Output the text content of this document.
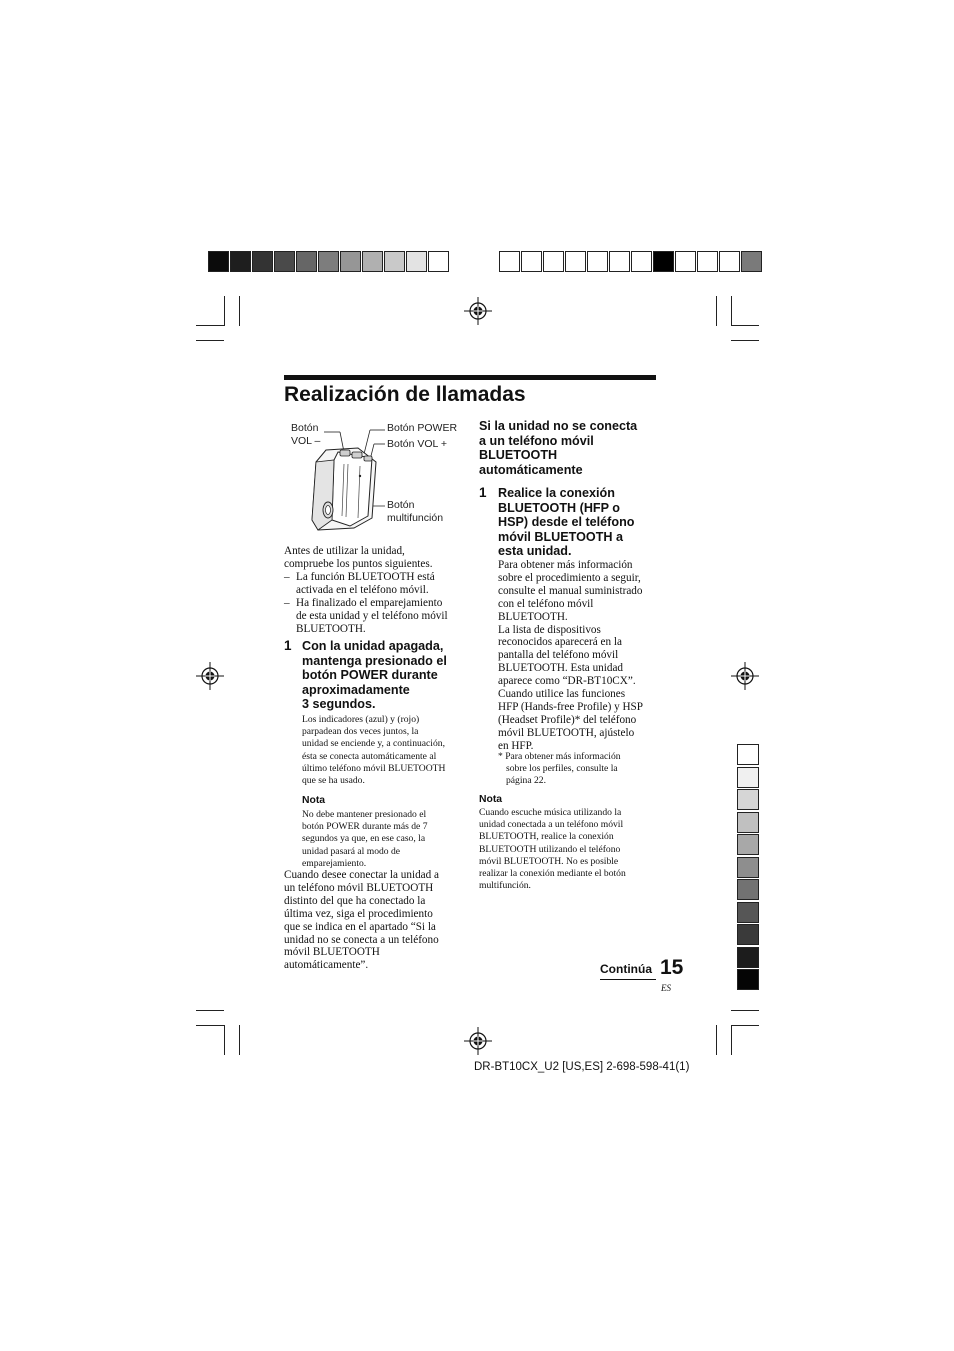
Realización de llamadas
Botón
VOL –
Botón POWER
Botón VOL +
Botón
multifunción
Antes de utilizar la unidad, compruebe los puntos siguientes.
– La función BLUETOOTH está
activada en el teléfono móvil.
– Ha finalizado el emparejamiento
de esta unidad y el teléfono móvil
BLUETOOTH.
1 Con la unidad apagada,
mantenga presionado el
botón POWER durante
aproximadamente
3 segundos.
Los indicadores (azul) y (rojo)
parpadean dos veces juntos, la
unidad se enciende y, a continuación,
ésta se conecta automáticamente al
último teléfono móvil BLUETOOTH
que se ha usado.
Nota
No debe mantener presionado el
botón POWER durante más de 7
segundos ya que, en ese caso, la
unidad pasará al modo de
emparejamiento.
Cuando desee conectar la unidad a
un teléfono móvil BLUETOOTH
distinto del que ha conectado la
última vez, siga el procedimiento
que se indica en el apartado “Si la
unidad no se conecta a un teléfono
móvil BLUETOOTH
automáticamente”.
Si la unidad no se conecta
a un teléfono móvil
BLUETOOTH
automáticamente
1 Realice la conexión
BLUETOOTH (HFP o
HSP) desde el teléfono
móvil BLUETOOTH a
esta unidad.
Para obtener más información
sobre el procedimiento a seguir,
consulte el manual suministrado
con el teléfono móvil
BLUETOOTH.
La lista de dispositivos
reconocidos aparecerá en la
pantalla del teléfono móvil
BLUETOOTH. Esta unidad
aparece como “DR-BT10CX”.
Cuando utilice las funciones
HFP (Hands-free Profile) y HSP
(Headset Profile)* del teléfono
móvil BLUETOOTH, ajústelo
en HFP.
* Para obtener más información
sobre los perfiles, consulte la
página 22.
Nota
Cuando escuche música utilizando la
unidad conectada a un teléfono móvil
BLUETOOTH, realice la conexión
BLUETOOTH utilizando el teléfono
móvil BLUETOOTH. No es posible
realizar la conexión mediante el botón
multifunción.
Continúa 15
ES
DR-BT10CX_U2 [US,ES] 2-698-598-41(1)
